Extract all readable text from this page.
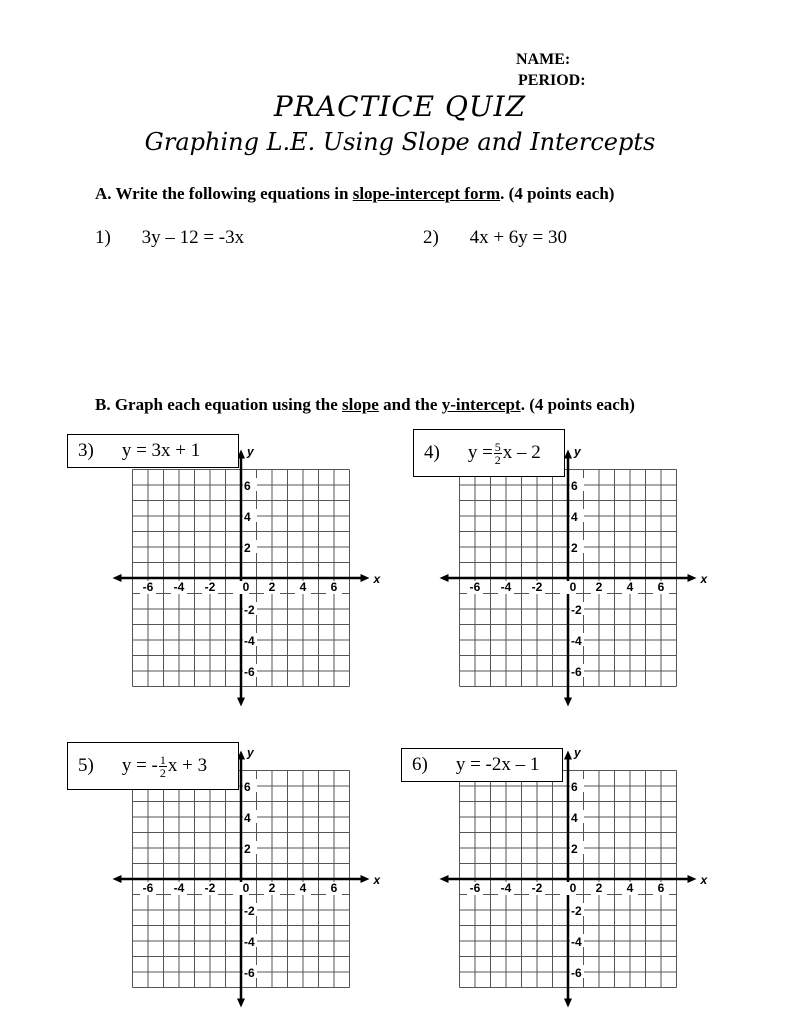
NAME:
PERIOD:
PRACTICE QUIZ
Graphing L.E. Using Slope and Intercepts
A. Write the following equations in slope-intercept form. (4 points each)
1) 3y – 12 = -3x	2) 4x + 6y = 30
B. Graph each equation using the slope and the y-intercept. (4 points each)
x
y
-6 -4 -2 0 2 4 6
6
4
2
-2
-4
-6
x
y
-6 -4 -2 0 2 4 6
6
4
2
-2
-4
-6
x
y
-6 -4 -2 0 2 4 6
6
4
2
-2
-4
-6
x
y
-6 -4 -2 0 2 4 6
6
4
2
-2
-4
-6
3) y = 3x + 1	4) $y = \frac{5}{2}$ x – 2
5) y = - $\frac{1}{2}$ x + 3	6) y = -2x – 1
